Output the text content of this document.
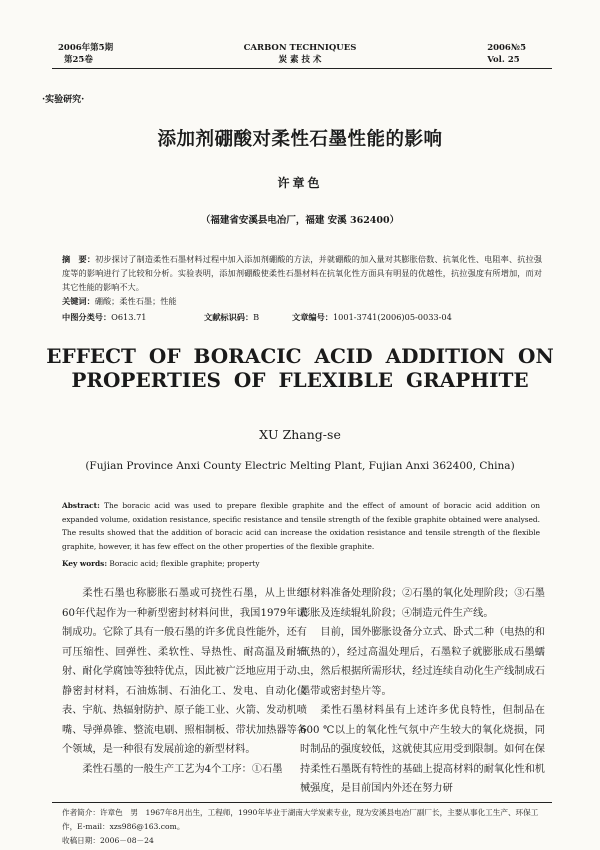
2006年第5期
第25卷
CARBON TECHNIQUES
炭 素 技 术
2006№5
Vol. 25
·实验研究·
添加剂硼酸对柔性石墨性能的影响
许章色
（福建省安溪县电冶厂，福建 安溪 362400）
摘　要：初步探讨了制造柔性石墨材料过程中加入添加剂硼酸的方法，并就硼酸的加入量对其膨胀倍数、抗氧化性、电阻率、抗拉强度等的影响进行了比较和分析。实验表明，添加剂硼酸使柔性石墨材料在抗氧化性方面具有明显的优越性，抗拉强度有所增加，而对其它性能的影响不大。
关键词：硼酸；柔性石墨；性能
中图分类号：O613.71	文献标识码：B	文章编号：1001-3741(2006)05-0033-04
EFFECT OF BORACIC ACID ADDITION ON PROPERTIES OF FLEXIBLE GRAPHITE
XU Zhang-se
(Fujian Province Anxi County Electric Melting Plant, Fujian Anxi 362400, China)
Abstract: The boracic acid was used to prepare flexible graphite and the effect of amount of boracic acid addition on expanded volume, oxidation resistance, specific resistance and tensile strength of the fexible graphite obtained were analysed. The results showed that the addition of boracic acid can increase the oxidation resistance and tensile strength of the flexible graphite, however, it has few effect on the other properties of the flexible graphite.
Key words: Boracic acid; flexible graphite; property

柔性石墨也称膨胀石墨或可挠性石墨，从上世纪60年代起作为一种新型密封材料问世，我国1979年试制成功。它除了具有一般石墨的许多优良性能外，还有可压缩性、回弹性、柔软性、导热性、耐高温及耐辐射、耐化学腐蚀等独特优点，因此被广泛地应用于动、静密封材料，石油炼制、石油化工、发电、自动化仪表、宇航、热辐射防护、原子能工业、火箭、发动机喷嘴、导弹鼻锥、整流电刷、照相制板、带状加热器等各个领域，是一种很有发展前途的新型材料。

柔性石墨的一般生产工艺为4个工序：①石墨

原材料准备处理阶段；②石墨的氧化处理阶段；③石墨膨胀及连续辊轧阶段；④制造元件生产线。

目前，国外膨胀设备分立式、卧式二种（电热的和气热的），经过高温处理后，石墨粒子就膨胀成石墨蠕虫，然后根据所需形状，经过连续自动化生产线制成石墨带或密封垫片等。

柔性石墨材料虽有上述许多优良特性，但制品在600 ℃以上的氧化性气氛中产生较大的氧化烧损，同时制品的强度较低，这就使其应用受到限制。如何在保持柔性石墨既有特性的基础上提高材料的耐氧化性和机械强度，是目前国内外还在努力研

作者简介：许章色　男　1967年8月出生，工程师，1990年毕业于湖南大学炭素专业，现为安溪县电冶厂副厂长，主要从事化工生产、环保工作，E-mail：xzs986@163.com。
收稿日期：2006－08－24
